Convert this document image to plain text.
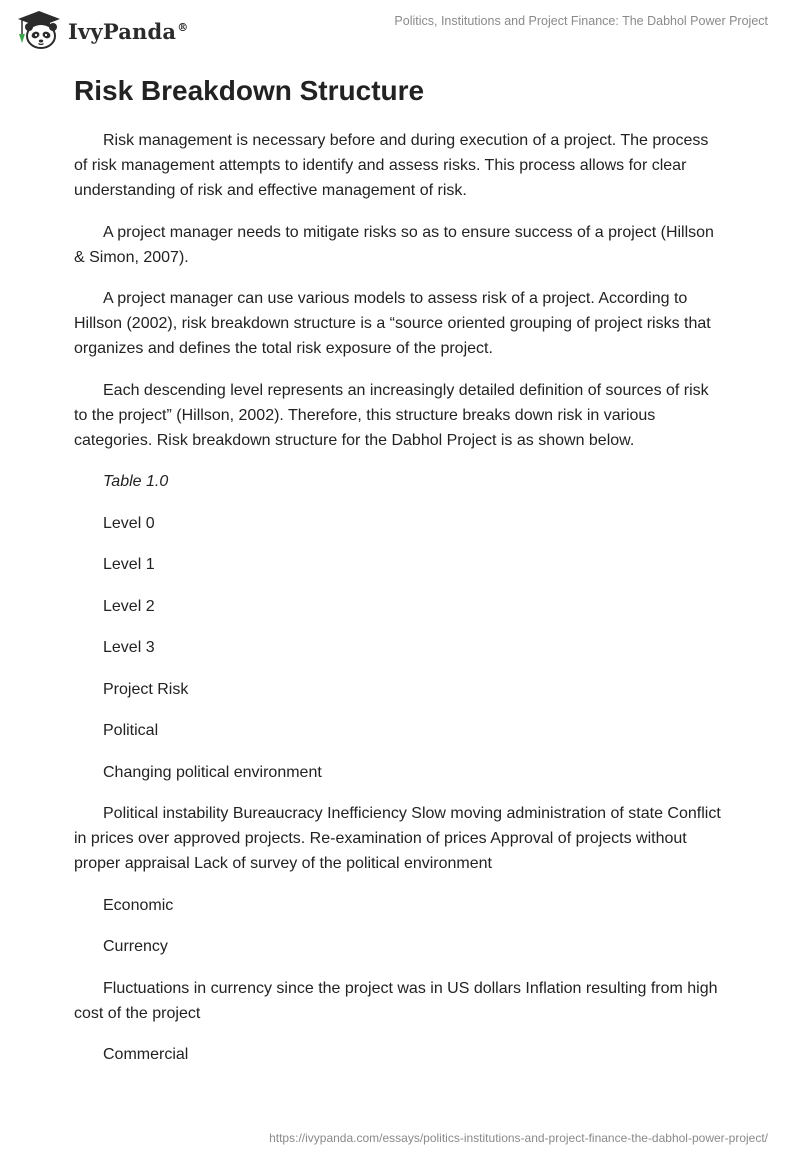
IvyPanda®	Politics, Institutions and Project Finance: The Dabhol Power Project
Risk Breakdown Structure

Risk management is necessary before and during execution of a project. The process of risk management attempts to identify and assess risks. This process allows for clear understanding of risk and effective management of risk.

A project manager needs to mitigate risks so as to ensure success of a project (Hillson & Simon, 2007).

A project manager can use various models to assess risk of a project. According to Hillson (2002), risk breakdown structure is a “source oriented grouping of project risks that organizes and defines the total risk exposure of the project.

Each descending level represents an increasingly detailed definition of sources of risk to the project” (Hillson, 2002). Therefore, this structure breaks down risk in various categories. Risk breakdown structure for the Dabhol Project is as shown below.

Table 1.0

Level 0

Level 1

Level 2

Level 3

Project Risk

Political

Changing political environment

Political instability Bureaucracy Inefficiency Slow moving administration of state Conflict in prices over approved projects. Re-examination of prices Approval of projects without proper appraisal Lack of survey of the political environment

Economic

Currency

Fluctuations in currency since the project was in US dollars Inflation resulting from high cost of the project

Commercial

https://ivypanda.com/essays/politics-institutions-and-project-finance-the-dabhol-power-project/
